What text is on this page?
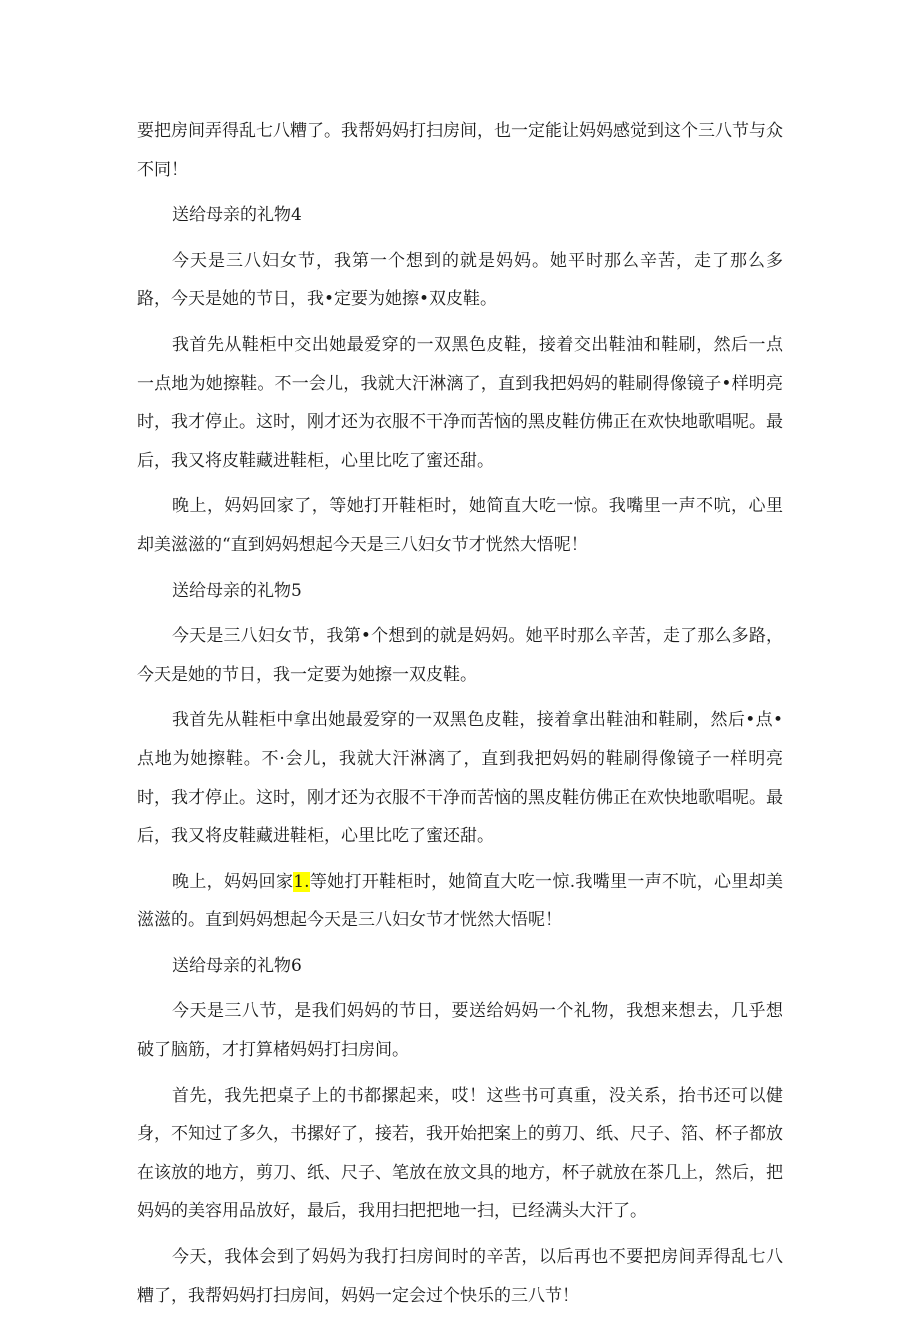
要把房间弄得乱七八糟了。我帮妈妈打扫房间，也一定能让妈妈感觉到这个三八节与众不同！

送给母亲的礼物4

今天是三八妇女节，我第一个想到的就是妈妈。她平时那么辛苦，走了那么多路，今天是她的节日，我•定要为她擦•双皮鞋。

我首先从鞋柜中交出她最爱穿的一双黑色皮鞋，接着交出鞋油和鞋刷，然后一点一点地为她擦鞋。不一会儿，我就大汗淋漓了，直到我把妈妈的鞋刷得像镜子•样明亮时，我才停止。这时，刚才还为衣服不干净而苦恼的黑皮鞋仿佛正在欢快地歌唱呢。最后，我又将皮鞋藏进鞋柜，心里比吃了蜜还甜。

晚上，妈妈回家了，等她打开鞋柜时，她简直大吃一惊。我嘴里一声不吭，心里却美滋滋的“直到妈妈想起今天是三八妇女节才恍然大悟呢！

送给母亲的礼物5

今天是三八妇女节，我第•个想到的就是妈妈。她平时那么辛苦，走了那么多路，今天是她的节日，我一定要为她擦一双皮鞋。

我首先从鞋柜中拿出她最爱穿的一双黑色皮鞋，接着拿出鞋油和鞋刷，然后•点•点地为她擦鞋。不·会儿，我就大汗淋漓了，直到我把妈妈的鞋刷得像镜子一样明亮时，我才停止。这时，刚才还为衣服不干净而苦恼的黑皮鞋仿佛正在欢快地歌唱呢。最后，我又将皮鞋藏进鞋柜，心里比吃了蜜还甜。

晚上，妈妈回家1.等她打开鞋柜时，她简直大吃一惊.我嘴里一声不吭，心里却美滋滋的。直到妈妈想起今天是三八妇女节才恍然大悟呢！

送给母亲的礼物6

今天是三八节，是我们妈妈的节日，要送给妈妈一个礼物，我想来想去，几乎想破了脑筋，才打算楮妈妈打扫房间。

首先，我先把桌子上的书都摞起来，哎！这些书可真重，没关系，抬书还可以健身，不知过了多久，书摞好了，接若，我开始把案上的剪刀、纸、尺子、箔、杯子都放在该放的地方，剪刀、纸、尺子、笔放在放文具的地方，杯子就放在茶几上，然后，把妈妈的美容用品放好，最后，我用扫把把地一扫，已经满头大汗了。

今天，我体会到了妈妈为我打扫房间时的辛苦，以后再也不要把房间弄得乱七八糟了，我帮妈妈打扫房间，妈妈一定会过个快乐的三八节！
